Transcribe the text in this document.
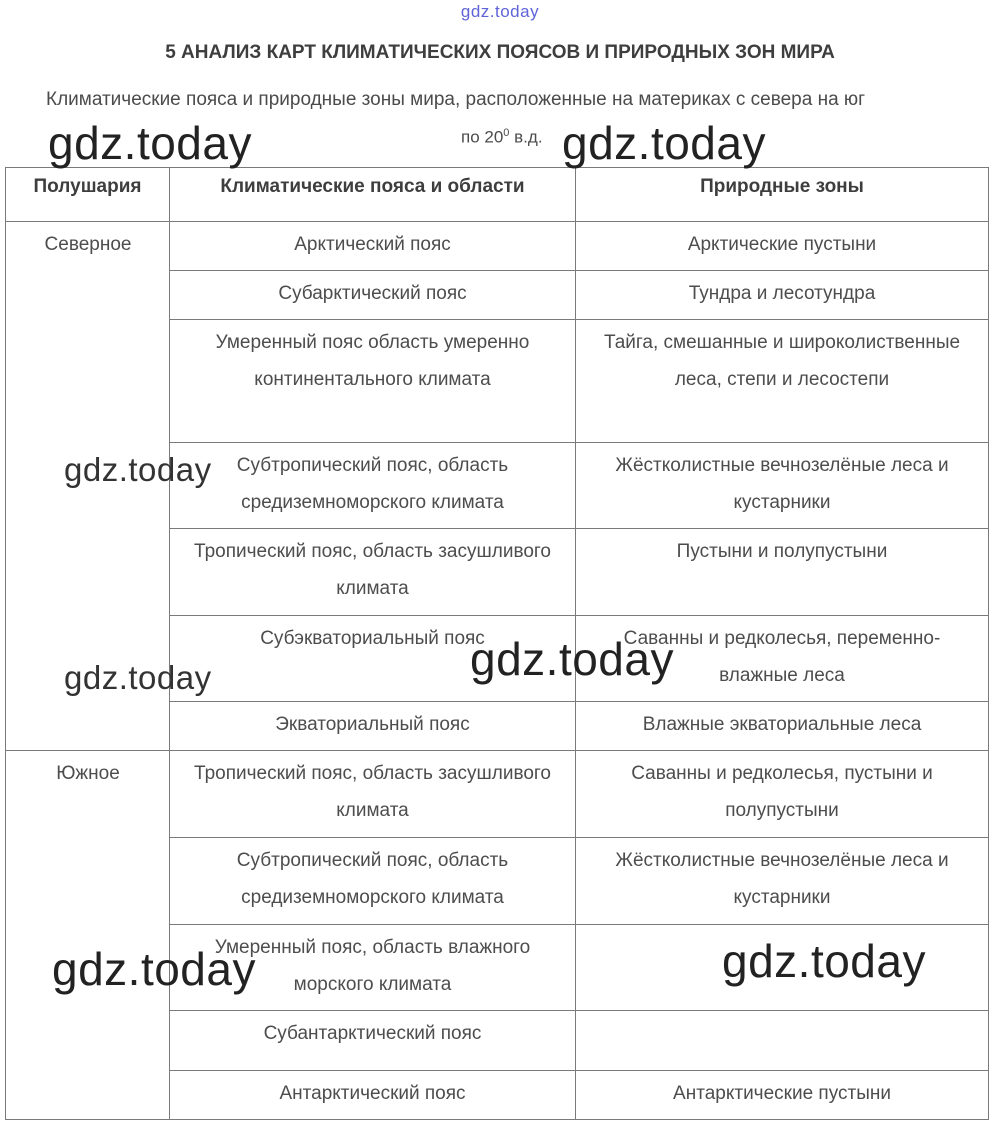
gdz.today
5 АНАЛИЗ КАРТ КЛИМАТИЧЕСКИХ ПОЯСОВ И ПРИРОДНЫХ ЗОН МИРА
Климатические пояса и природные зоны мира, расположенные на материках с севера на юг
по $20^0$ в.д.
Полушария	Климатические пояса и области	Природные зоны

Северное	Арктический пояс	Арктические пустыни

	Субарктический пояс	Тундра и лесотундра

	Умеренный пояс область умеренно континентального климата	Тайга, смешанные и широколиственные леса, степи и лесостепи

	Субтропический пояс, область средиземноморского климата	Жёстколистные вечнозелёные леса и кустарники

	Тропический пояс, область засушливого климата	Пустыни и полупустыни

	Субэкваториальный пояс	Саванны и редколесья, переменно-влажные леса

	Экваториальный пояс	Влажные экваториальные леса

Южное	Тропический пояс, область засушливого климата	Саванны и редколесья, пустыни и полупустыни

	Субтропический пояс, область средиземноморского климата	Жёстколистные вечнозелёные леса и кустарники

	Умеренный пояс, область влажного морского климата	

	Субантарктический пояс	

	Антарктический пояс	Антарктические пустыни
gdz.today	gdz.today
gdz.today
gdz.today
gdz.today
gdz.today	gdz.today
